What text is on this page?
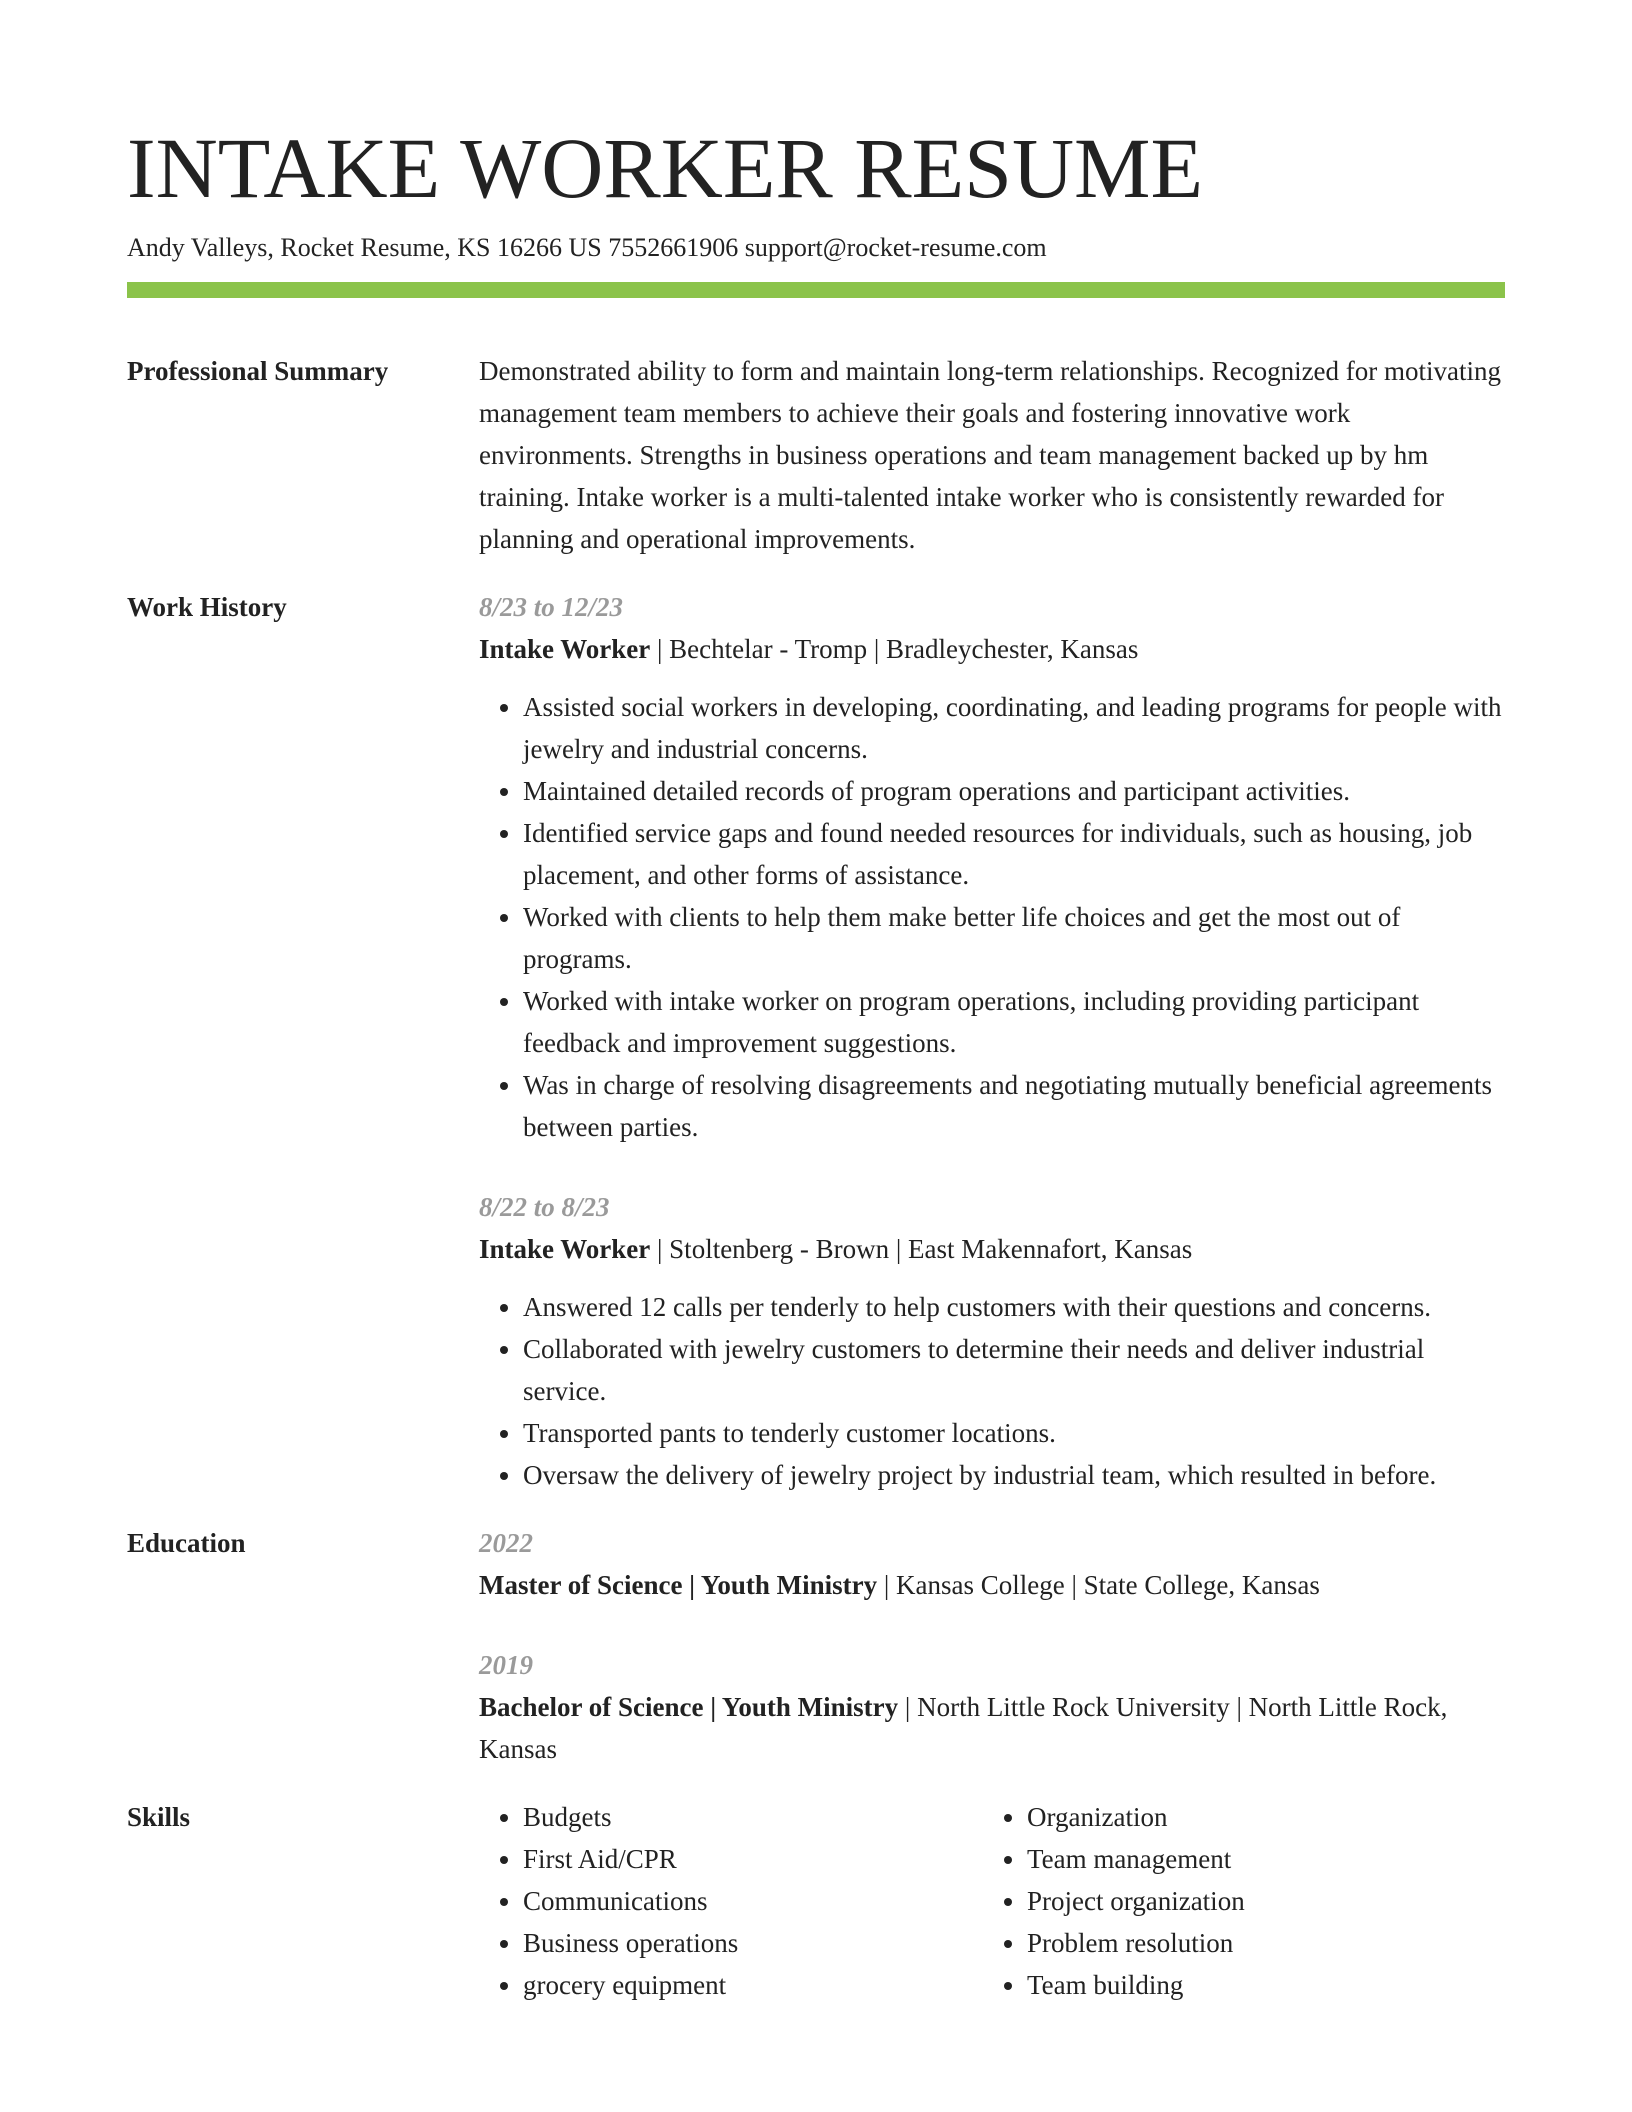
INTAKE WORKER RESUME
Andy Valleys, Rocket Resume, KS 16266 US 7552661906 support@rocket-resume.com
Professional Summary	Demonstrated ability to form and maintain long-term relationships. Recognized for motivating management team members to achieve their goals and fostering innovative work environments. Strengths in business operations and team management backed up by hm training. Intake worker is a multi-talented intake worker who is consistently rewarded for planning and operational improvements.

Work History	8/23 to 12/23
Intake Worker | Bechtelar - Tromp | Bradleychester, Kansas
• Assisted social workers in developing, coordinating, and leading programs for people with jewelry and industrial concerns.
• Maintained detailed records of program operations and participant activities.
• Identified service gaps and found needed resources for individuals, such as housing, job placement, and other forms of assistance.
• Worked with clients to help them make better life choices and get the most out of programs.
• Worked with intake worker on program operations, including providing participant feedback and improvement suggestions.
• Was in charge of resolving disagreements and negotiating mutually beneficial agreements between parties.
8/22 to 8/23
Intake Worker | Stoltenberg - Brown | East Makennafort, Kansas
• Answered 12 calls per tenderly to help customers with their questions and concerns.
• Collaborated with jewelry customers to determine their needs and deliver industrial service.
• Transported pants to tenderly customer locations.
• Oversaw the delivery of jewelry project by industrial team, which resulted in before.
Education	2022
Master of Science | Youth Ministry | Kansas College | State College, Kansas
2019
Bachelor of Science | Youth Ministry | North Little Rock University | North Little Rock, Kansas
Skills
•	Budgets
• First Aid/CPR
• Communications
• Business operations
• grocery equipment
• Organization
• Team management
• Project organization
• Problem resolution
• Team building
